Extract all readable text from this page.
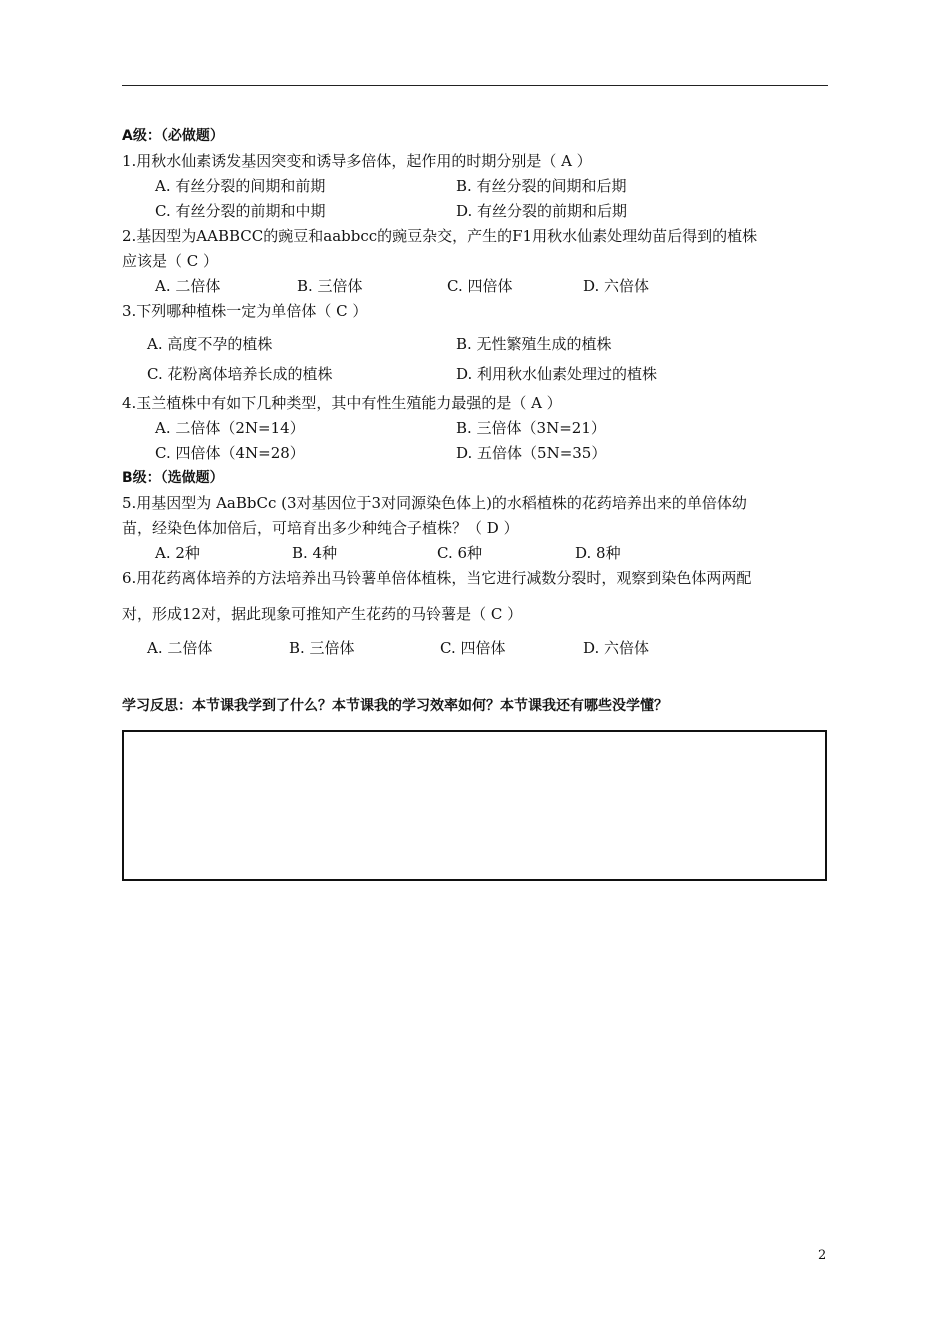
A级：（必做题）
1.用秋水仙素诱发基因突变和诱导多倍体，起作用的时期分别是（ A ）
A. 有丝分裂的间期和前期	B. 有丝分裂的间期和后期
C. 有丝分裂的前期和中期	D. 有丝分裂的前期和后期
2.基因型为AABBCC的豌豆和aabbcc的豌豆杂交，产生的F1用秋水仙素处理幼苗后得到的植株
应该是（ C ）
A. 二倍体	B. 三倍体	C. 四倍体	D. 六倍体
3.下列哪种植株一定为单倍体（ C ）
A. 高度不孕的植株	B. 无性繁殖生成的植株
C. 花粉离体培养长成的植株	D. 利用秋水仙素处理过的植株
4.玉兰植株中有如下几种类型，其中有性生殖能力最强的是（ A ）
A. 二倍体（2N=14）	B. 三倍体（3N=21）
C. 四倍体（4N=28）	D. 五倍体（5N=35）
B级：（选做题）
5.用基因型为 AaBbCc (3对基因位于3对同源染色体上)的水稻植株的花药培养出来的单倍体幼
苗，经染色体加倍后，可培育出多少种纯合子植株？（ D ）
A. 2种	B. 4种	C. 6种	D. 8种
6.用花药离体培养的方法培养出马铃薯单倍体植株，当它进行减数分裂时，观察到染色体两两配
对，形成12对，据此现象可推知产生花药的马铃薯是（ C ）
A. 二倍体	B. 三倍体	C. 四倍体	D. 六倍体
学习反思：本节课我学到了什么？本节课我的学习效率如何？本节课我还有哪些没学懂？
2
